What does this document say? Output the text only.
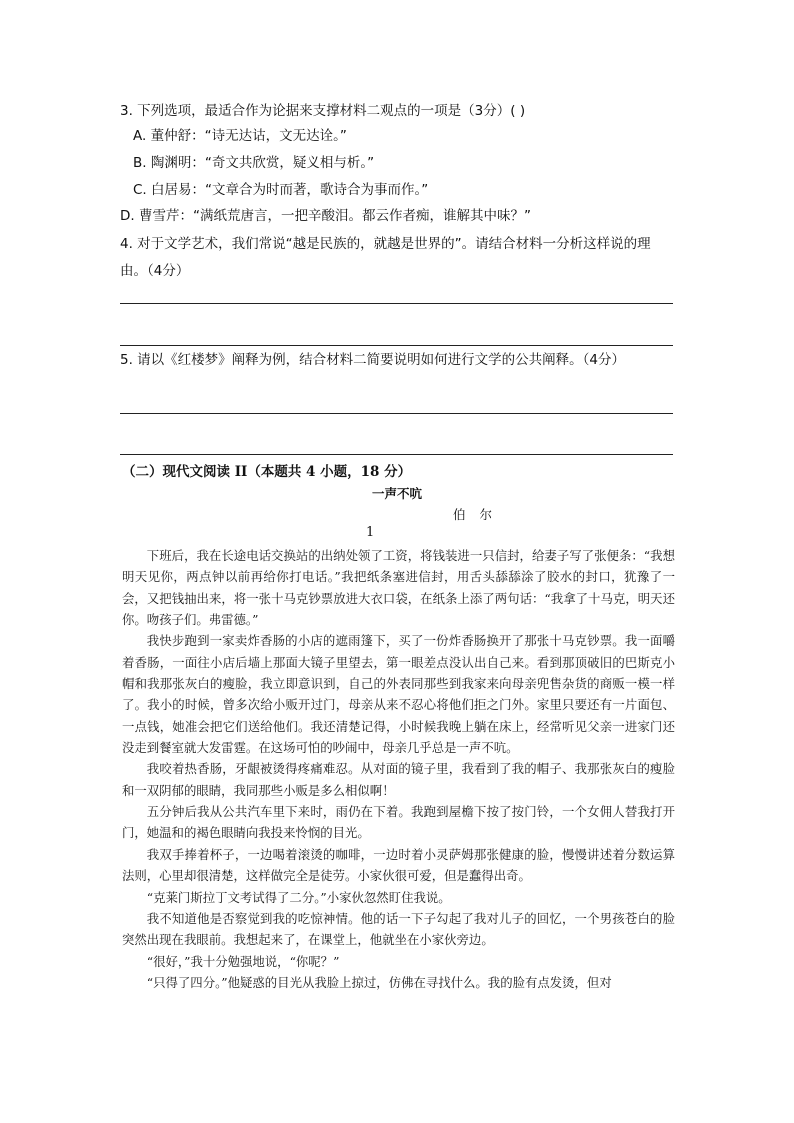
3. 下列选项，最适合作为论据来支撑材料二观点的一项是（3分）( )
A. 董仲舒：“诗无达诂，文无达诠。”
B. 陶渊明：“奇文共欣赏，疑义相与析。”
C. 白居易：“文章合为时而著，歌诗合为事而作。”
D. 曹雪芹：“满纸荒唐言，一把辛酸泪。都云作者痴，谁解其中味？”
4. 对于文学艺术，我们常说“越是民族的，就越是世界的”。请结合材料一分析这样说的理
由。（4分）
5. 请以《红楼梦》阐释为例，结合材料二简要说明如何进行文学的公共阐释。（4分）
（二）现代文阅读 II（本题共 4 小题，18 分）
一声不吭
伯尔
1

下班后，我在长途电话交换站的出纳处领了工资，将钱装进一只信封，给妻子写了张便条：“我想明天见你，两点钟以前再给你打电话。”我把纸条塞进信封，用舌头舔舔涂了胶水的封口，犹豫了一会，又把钱抽出来，将一张十马克钞票放进大衣口袋，在纸条上添了两句话：“我拿了十马克，明天还你。吻孩子们。弗雷德。”

我快步跑到一家卖炸香肠的小店的遮雨篷下，买了一份炸香肠换开了那张十马克钞票。我一面嚼着香肠，一面往小店后墙上那面大镜子里望去，第一眼差点没认出自己来。看到那顶破旧的巴斯克小帽和我那张灰白的瘦脸，我立即意识到，自己的外表同那些到我家来向母亲兜售杂货的商贩一模一样了。我小的时候，曾多次给小贩开过门，母亲从来不忍心将他们拒之门外。家里只要还有一片面包、一点钱，她准会把它们送给他们。我还清楚记得，小时候我晚上躺在床上，经常听见父亲一进家门还没走到餐室就大发雷霆。在这场可怕的吵闹中，母亲几乎总是一声不吭。

我咬着热香肠，牙龈被烫得疼痛难忍。从对面的镜子里，我看到了我的帽子、我那张灰白的瘦脸和一双阴郁的眼睛，我同那些小贩是多么相似啊！

五分钟后我从公共汽车里下来时，雨仍在下着。我跑到屋檐下按了按门铃，一个女佣人替我打开门，她温和的褐色眼睛向我投来怜悯的目光。

我双手捧着杯子，一边喝着滚烫的咖啡，一边时着小灵萨姆那张健康的脸，慢慢讲述着分数运算法则，心里却很清楚，这样做完全是徒劳。小家伙很可爱，但是蠢得出奇。

“克莱门斯拉丁文考试得了二分。”小家伙忽然盯住我说。

我不知道他是否察觉到我的吃惊神情。他的话一下子勾起了我对儿子的回忆，一个男孩苍白的脸突然出现在我眼前。我想起来了，在课堂上，他就坐在小家伙旁边。

“很好，”我十分勉强地说，“你呢？”

“只得了四分。”他疑惑的目光从我脸上掠过，仿佛在寻找什么。我的脸有点发烫，但对
